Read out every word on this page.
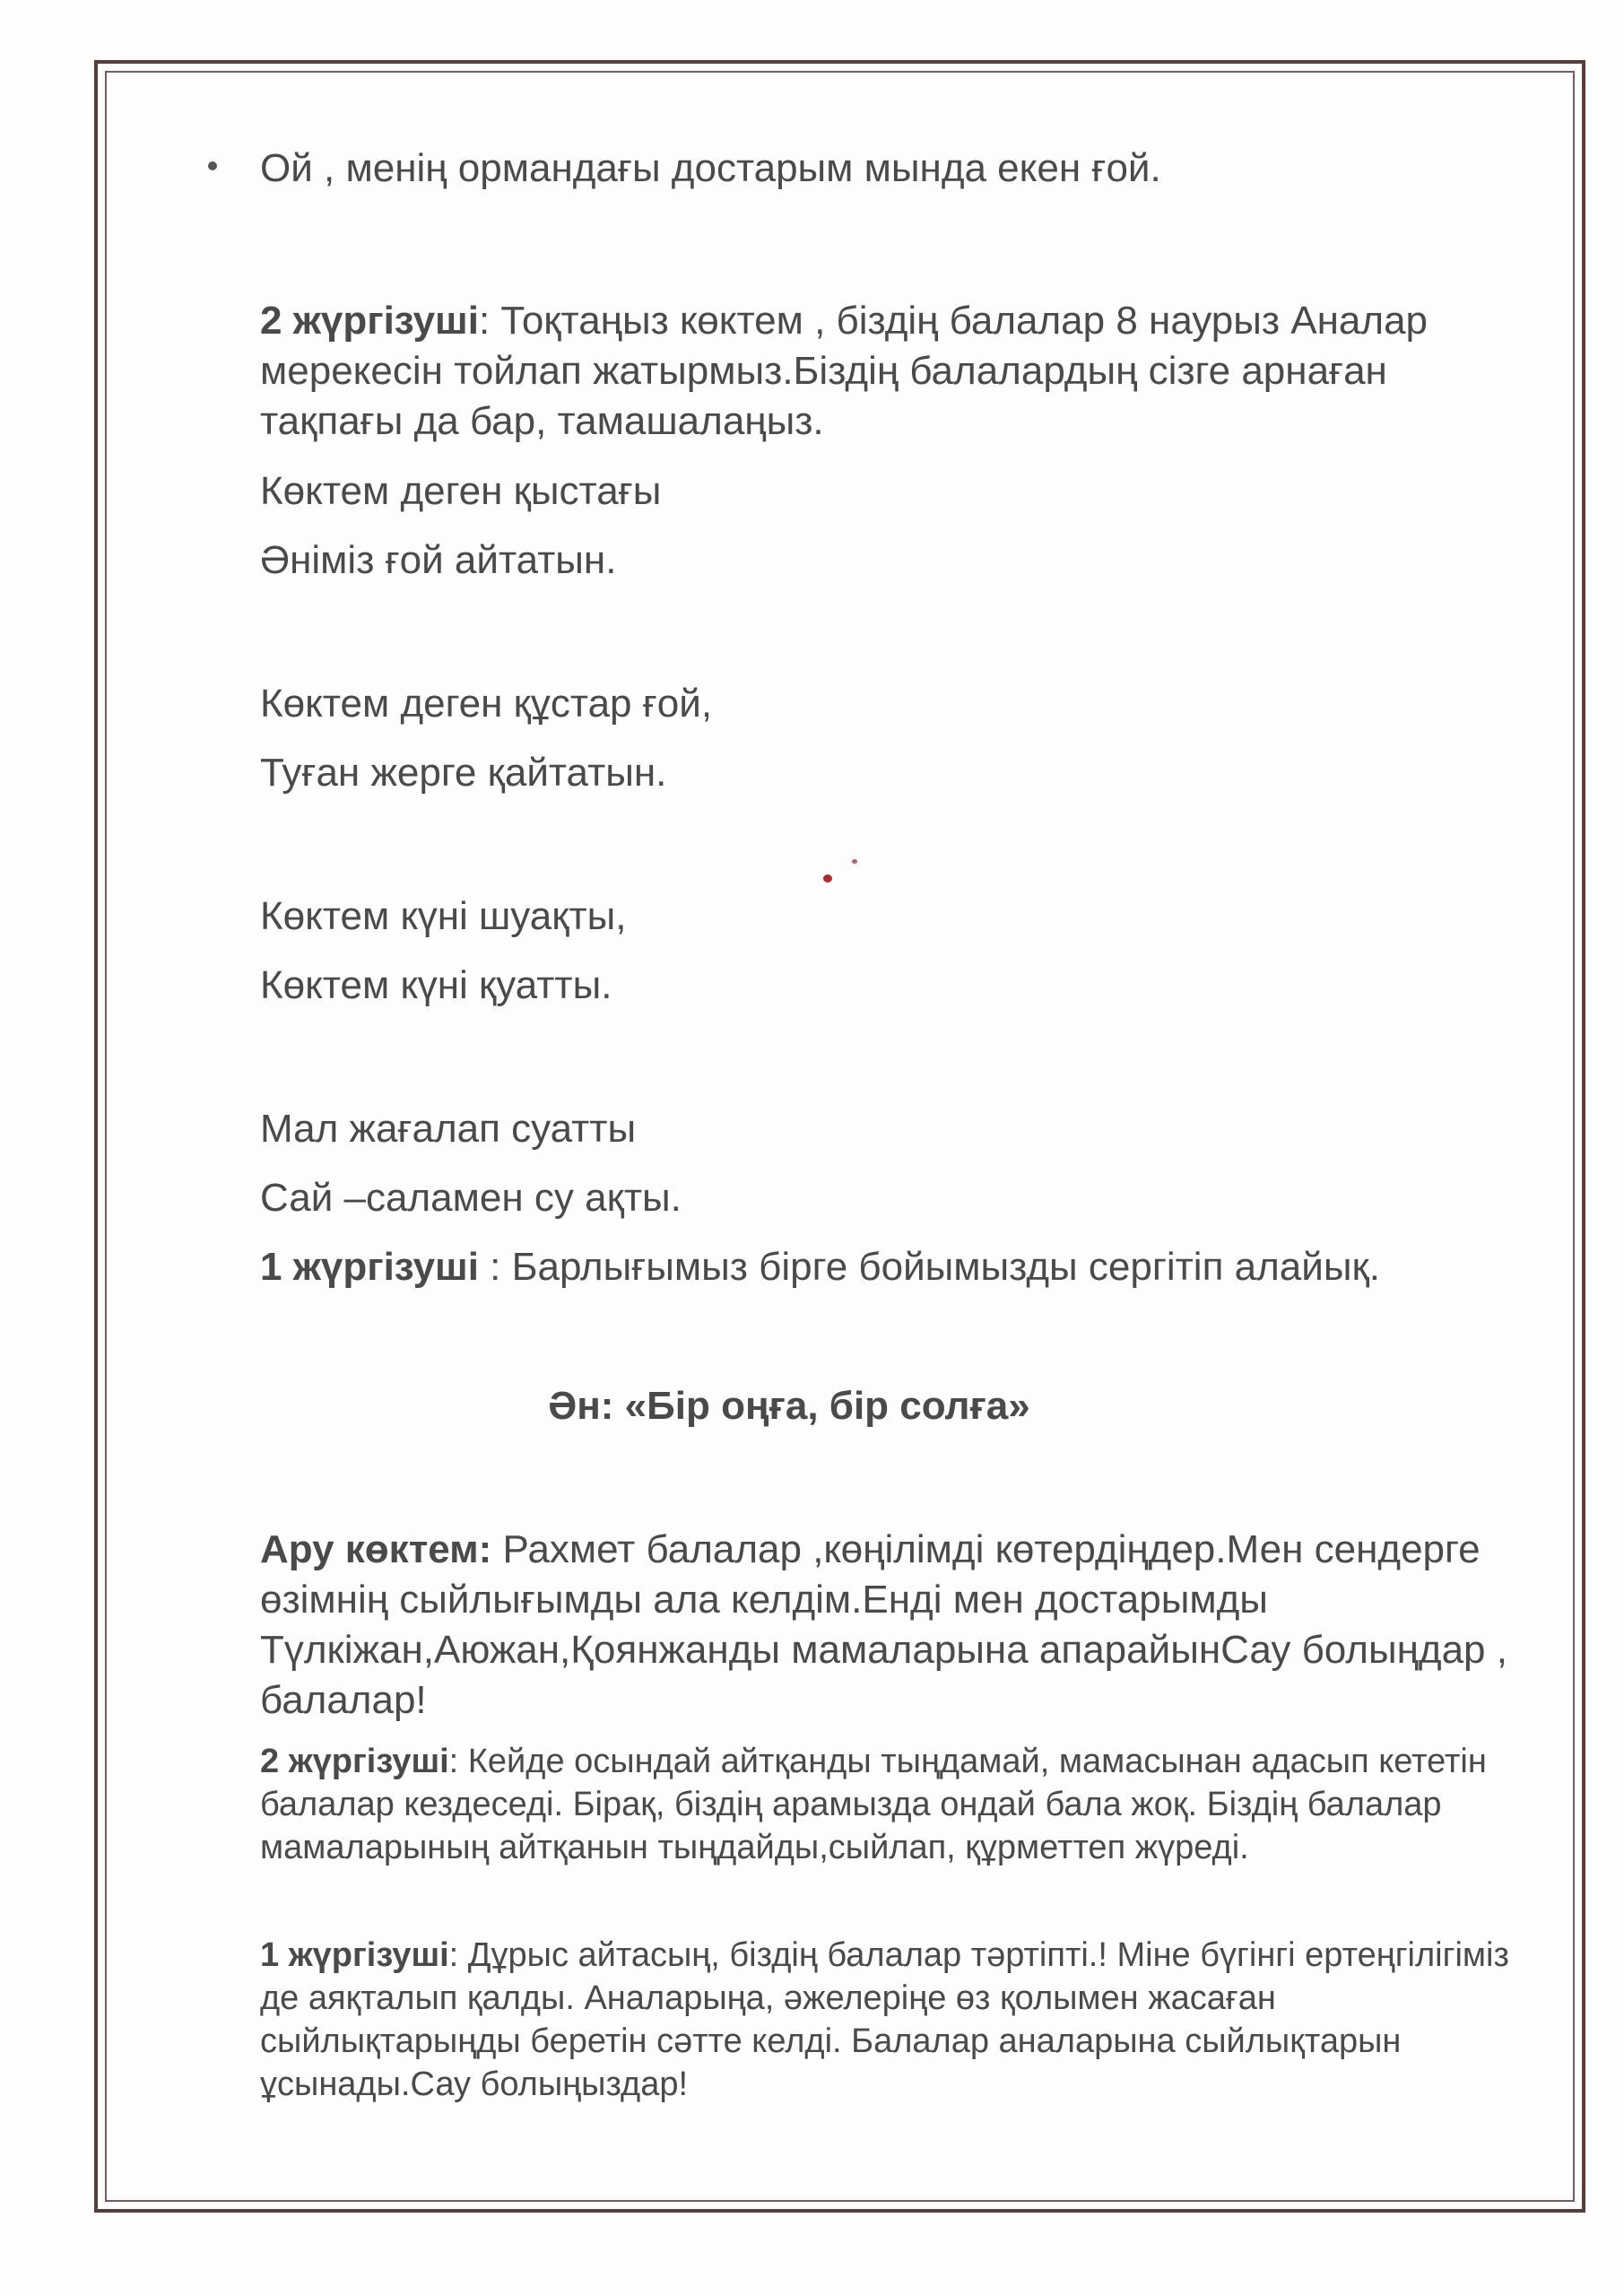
Ой , менің ормандағы достарым мында екен ғой.

2 жүргізуші: Тоқтаңыз көктем , біздің балалар 8 наурыз Аналар мерекесін тойлап жатырмыз.Біздің балалардың сізге арнаған тақпағы да бар, тамашалаңыз.

Көктем деген қыстағы

Әніміз ғой айтатын.

Көктем деген құстар ғой,

Туған жерге қайтатын.

Көктем күні шуақты,

Көктем күні қуатты.

Мал жағалап суатты

Сай –саламен су ақты.

1 жүргізуші : Барлығымыз бірге бойымызды сергітіп алайық.

Ән: «Бір оңға, бір солға»

Ару көктем: Рахмет балалар ,көңілімді көтердіңдер.Мен сендерге өзімнің сыйлығымды ала келдім.Енді мен достарымды Түлкіжан,Аюжан,Қоянжанды мамаларына апарайынСау болыңдар , балалар!

2 жүргізуші: Кейде осындай айтқанды тыңдамай, мамасынан адасып кететін балалар кездеседі. Бірақ, біздің арамызда ондай бала жоқ. Біздің балалар мамаларының айтқанын тыңдайды,сыйлап, құрметтеп жүреді.

1 жүргізуші: Дұрыс айтасың, біздің балалар тәртіпті.! Міне бүгінгі ертеңгілігіміз де аяқталып қалды. Аналарыңа, әжелеріңе өз қолымен жасаған сыйлықтарыңды беретін сәтте келді. Балалар аналарына сыйлықтарын ұсынады.Сау болыңыздар!
